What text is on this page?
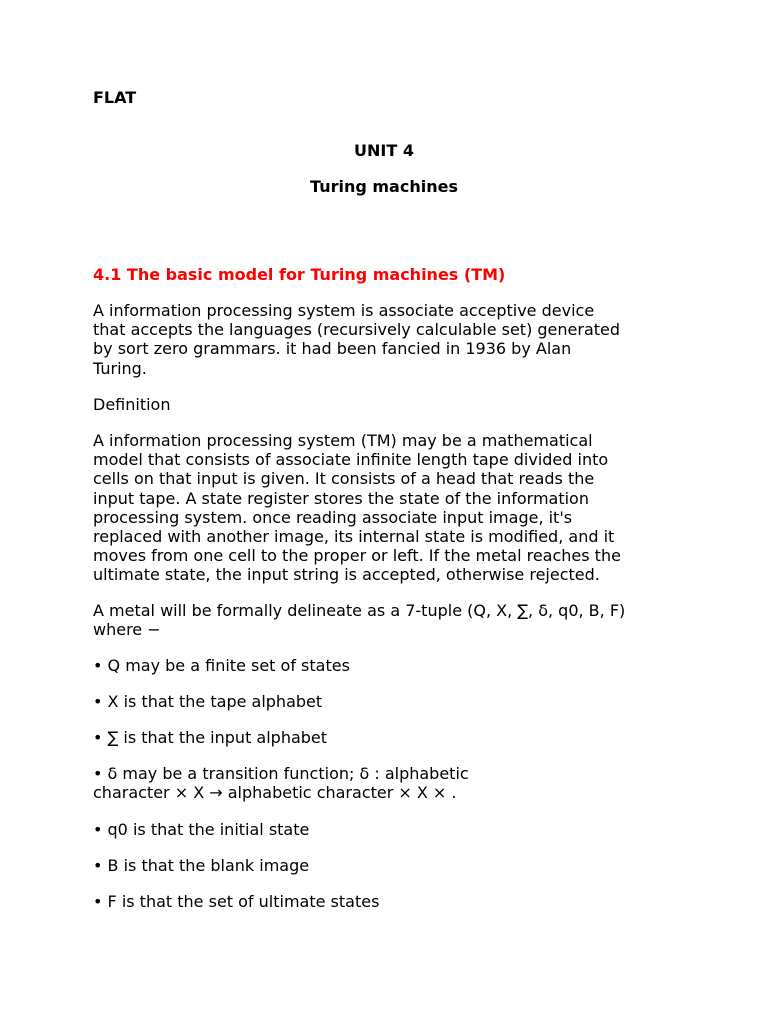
FLAT

UNIT 4

Turing machines

4.1 The basic model for Turing machines (TM)

A information processing system is associate acceptive device
that accepts the languages (recursively calculable set) generated
by sort zero grammars. it had been fancied in 1936 by Alan
Turing.

Definition

A information processing system (TM) may be a mathematical
model that consists of associate infinite length tape divided into
cells on that input is given. It consists of a head that reads the
input tape. A state register stores the state of the information
processing system. once reading associate input image, it's
replaced with another image, its internal state is modified, and it
moves from one cell to the proper or left. If the metal reaches the
ultimate state, the input string is accepted, otherwise rejected.

A metal will be formally delineate as a 7-tuple (Q, X, ∑, δ, q0, B, F)
where −

• Q may be a finite set of states

• X is that the tape alphabet

• ∑ is that the input alphabet

• δ may be a transition function; δ : alphabetic
character × X → alphabetic character × X × .

• q0 is that the initial state

• B is that the blank image

• F is that the set of ultimate states
